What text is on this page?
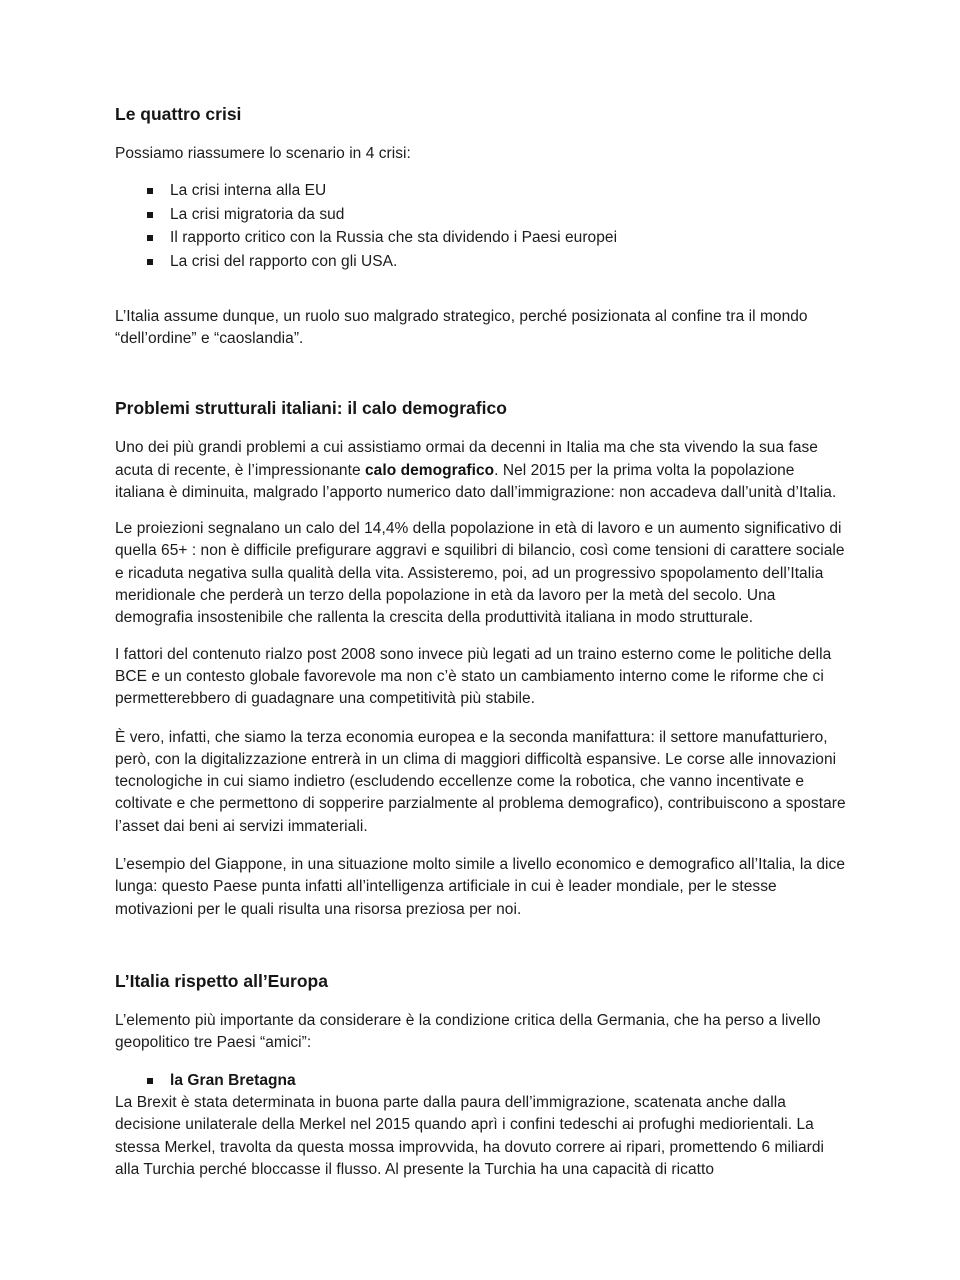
Le quattro crisi

Possiamo riassumere lo scenario in 4 crisi:

La crisi interna alla EU
La crisi migratoria da sud
Il rapporto critico con la Russia che sta dividendo i Paesi europei
La crisi del rapporto con gli USA.

L’Italia assume dunque, un ruolo suo malgrado strategico, perché posizionata al confine tra il mondo “dell’ordine” e “caoslandia”.

Problemi strutturali italiani: il calo demografico

Uno dei più grandi problemi a cui assistiamo ormai da decenni in Italia ma che sta vivendo la sua fase acuta di recente, è l’impressionante calo demografico. Nel 2015 per la prima volta la popolazione italiana è diminuita, malgrado l’apporto numerico dato dall’immigrazione: non accadeva dall’unità d’Italia.

Le proiezioni segnalano un calo del 14,4% della popolazione in età di lavoro e un aumento significativo di quella 65+ : non è difficile prefigurare aggravi e squilibri di bilancio, così come tensioni di carattere sociale e ricaduta negativa sulla qualità della vita. Assisteremo, poi, ad un progressivo spopolamento dell’Italia meridionale che perderà un terzo della popolazione in età da lavoro per la metà del secolo. Una demografia insostenibile che rallenta la crescita della produttività italiana in modo strutturale.

I fattori del contenuto rialzo post 2008 sono invece più legati ad un traino esterno come le politiche della BCE e un contesto globale favorevole ma non c’è stato un cambiamento interno come le riforme che ci permetterebbero di guadagnare una competitività più stabile.

È vero, infatti, che siamo la terza economia europea e la seconda manifattura: il settore manufatturiero, però, con la digitalizzazione entrerà in un clima di maggiori difficoltà espansive. Le corse alle innovazioni tecnologiche in cui siamo indietro (escludendo eccellenze come la robotica, che vanno incentivate e coltivate e che permettono di sopperire parzialmente al problema demografico), contribuiscono a spostare l’asset dai beni ai servizi immateriali.

L’esempio del Giappone, in una situazione molto simile a livello economico e demografico all’Italia, la dice lunga: questo Paese punta infatti all’intelligenza artificiale in cui è leader mondiale, per le stesse motivazioni per le quali risulta una risorsa preziosa per noi.

L’Italia rispetto all’Europa

L’elemento più importante da considerare è la condizione critica della Germania, che ha perso a livello geopolitico tre Paesi “amici”:

la Gran Bretagna

La Brexit è stata determinata in buona parte dalla paura dell’immigrazione, scatenata anche dalla decisione unilaterale della Merkel nel 2015 quando aprì i confini tedeschi ai profughi mediorientali. La stessa Merkel, travolta da questa mossa improvvida, ha dovuto correre ai ripari, promettendo 6 miliardi alla Turchia perché bloccasse il flusso. Al presente la Turchia ha una capacità di ricatto
